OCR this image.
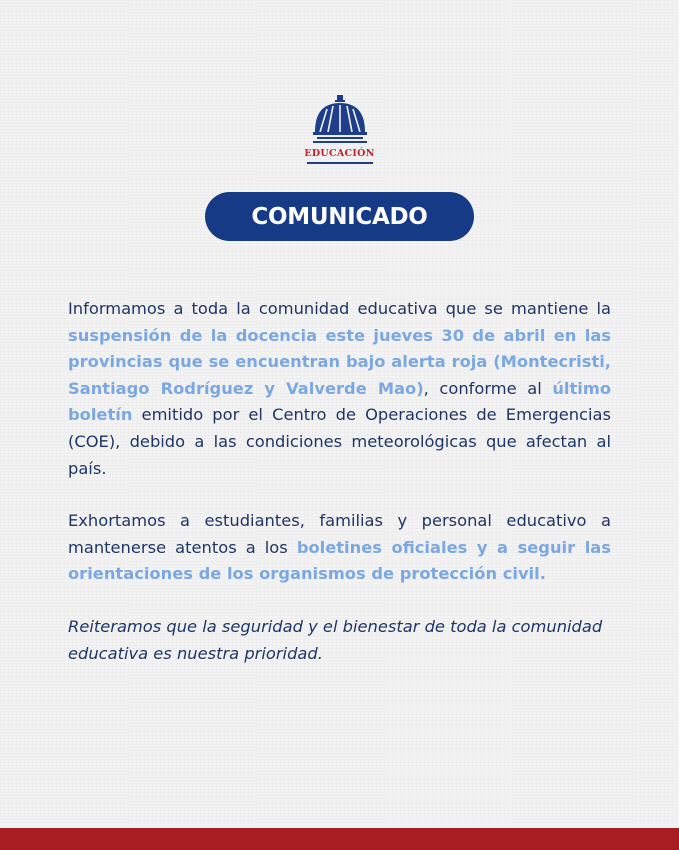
EDUCACIÓN
COMUNICADO

Informamos a toda la comunidad educativa que se mantiene la suspensión de la docencia este jueves 30 de abril en las provincias que se encuentran bajo alerta roja (Montecristi, Santiago Rodríguez y Valverde Mao), conforme al último boletín emitido por el Centro de Operaciones de Emergencias (COE), debido a las condiciones meteorológicas que afectan al país.

Exhortamos a estudiantes, familias y personal educativo a mantenerse atentos a los boletines oficiales y a seguir las orientaciones de los organismos de protección civil.

Reiteramos que la seguridad y el bienestar de toda la comunidad educativa es nuestra prioridad.
